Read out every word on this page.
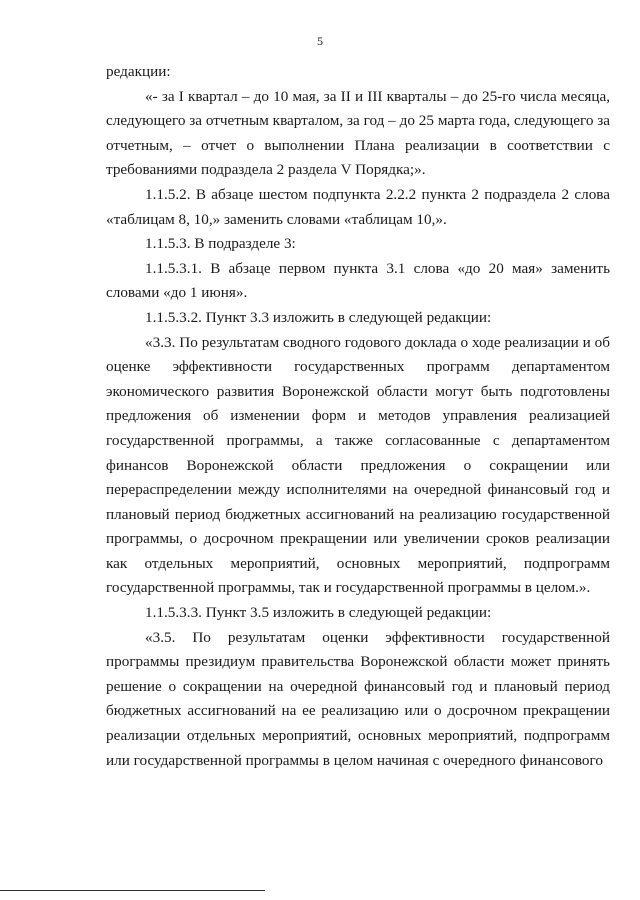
5

редакции:

«- за I квартал – до 10 мая, за II и III кварталы – до 25-го числа месяца, следующего за отчетным кварталом, за год – до 25 марта года, следующего за отчетным, – отчет о выполнении Плана реализации в соответствии с требованиями подраздела 2 раздела V Порядка;».

1.1.5.2. В абзаце шестом подпункта 2.2.2 пункта 2 подраздела 2 слова «таблицам 8, 10,» заменить словами «таблицам 10,».

1.1.5.3. В подразделе 3:

1.1.5.3.1. В абзаце первом пункта 3.1 слова «до 20 мая» заменить словами «до 1 июня».

1.1.5.3.2. Пункт 3.3 изложить в следующей редакции:

«3.3. По результатам сводного годового доклада о ходе реализации и об оценке эффективности государственных программ департаментом экономического развития Воронежской области могут быть подготовлены предложения об изменении форм и методов управления реализацией государственной программы, а также согласованные с департаментом финансов Воронежской области предложения о сокращении или перераспределении между исполнителями на очередной финансовый год и плановый период бюджетных ассигнований на реализацию государственной программы, о досрочном прекращении или увеличении сроков реализации как отдельных мероприятий, основных мероприятий, подпрограмм государственной программы, так и государственной программы в целом.».

1.1.5.3.3. Пункт 3.5 изложить в следующей редакции:

«3.5. По результатам оценки эффективности государственной программы президиум правительства Воронежской области может принять решение о сокращении на очередной финансовый год и плановый период бюджетных ассигнований на ее реализацию или о досрочном прекращении реализации отдельных мероприятий, основных мероприятий, подпрограмм или государственной программы в целом начиная с очередного финансового
